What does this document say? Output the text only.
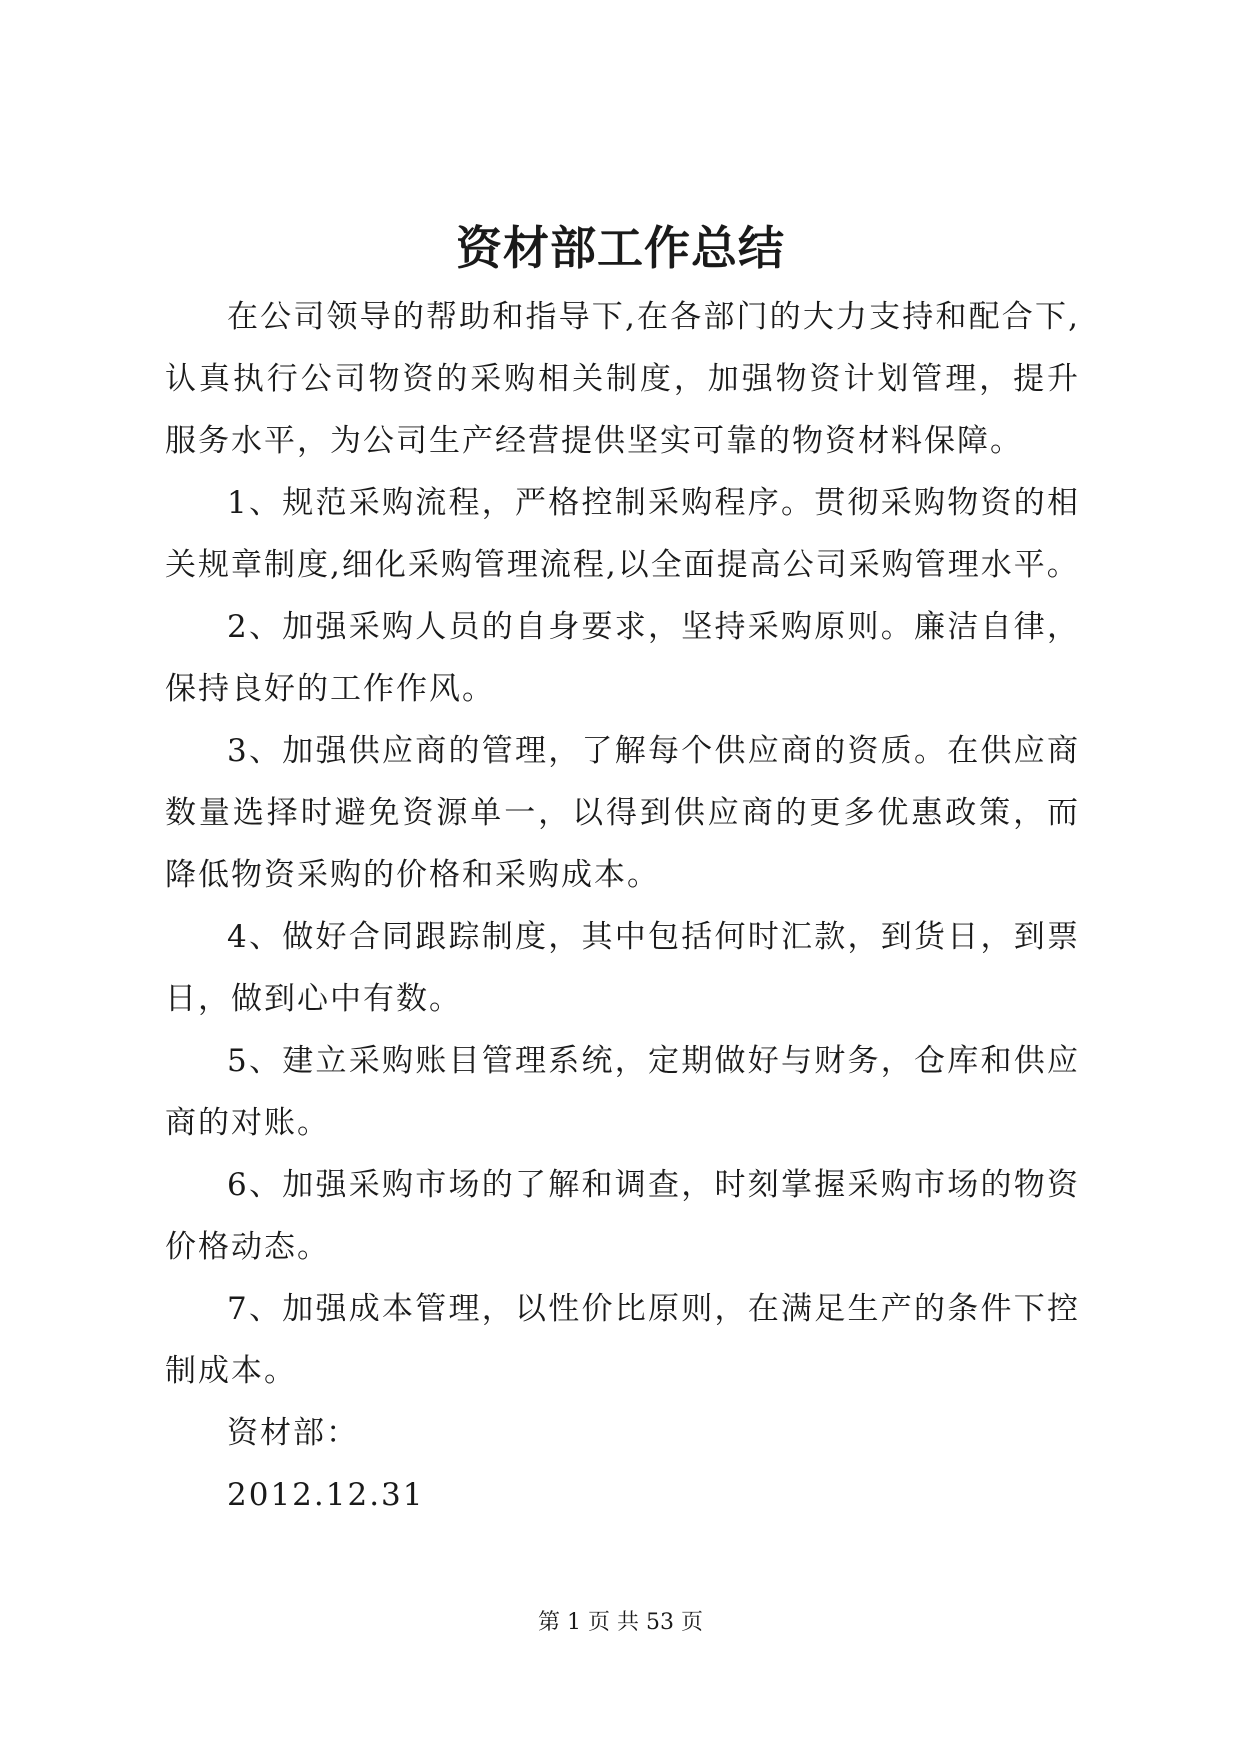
资材部工作总结

在公司领导的帮助和指导下,在各部门的大力支持和配合下,认真执行公司物资的采购相关制度，加强物资计划管理，提升服务水平，为公司生产经营提供坚实可靠的物资材料保障。

1、规范采购流程，严格控制采购程序。贯彻采购物资的相关规章制度,细化采购管理流程,以全面提高公司采购管理水平。

2、加强采购人员的自身要求，坚持采购原则。廉洁自律，保持良好的工作作风。

3、加强供应商的管理，了解每个供应商的资质。在供应商数量选择时避免资源单一，以得到供应商的更多优惠政策，而降低物资采购的价格和采购成本。

4、做好合同跟踪制度，其中包括何时汇款，到货日，到票日，做到心中有数。

5、建立采购账目管理系统，定期做好与财务，仓库和供应商的对账。

6、加强采购市场的了解和调查，时刻掌握采购市场的物资价格动态。

7、加强成本管理，以性价比原则，在满足生产的条件下控制成本。

资材部：

2012.12.31

第 1 页 共 53 页
